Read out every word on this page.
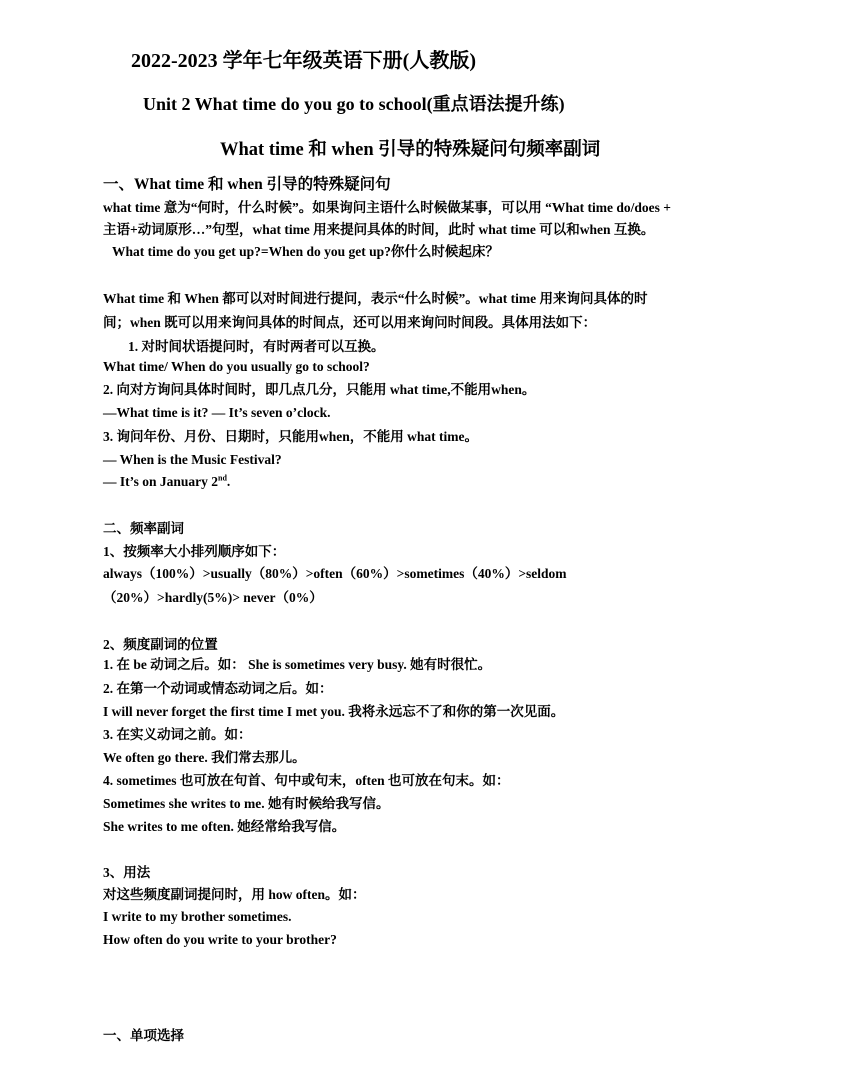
2022-2023 学年七年级英语下册(人教版)
Unit 2 What time do you go to school(重点语法提升练)
What time 和 when 引导的特殊疑问句频率副词
一、What time 和 when 引导的特殊疑问句
what time 意为“何时，什么时候”。如果询问主语什么时候做某事，可以用 “What time do/does +
主语+动词原形…”句型，what time 用来提问具体的时间，此时 what time 可以和when 互换。
What time do you get up?=When do you get up?你什么时候起床？
What time 和 When 都可以对时间进行提问，表示“什么时候”。what time 用来询问具体的时
间；when 既可以用来询问具体的时间点，还可以用来询问时间段。具体用法如下：
1. 对时间状语提问时，有时两者可以互换。
What time/ When do you usually go to school?
2. 向对方询问具体时间时，即几点几分，只能用 what time,不能用when。
—What time is it? — It’s seven o’clock.
3. 询问年份、月份、日期时，只能用when，不能用 what time。
— When is the Music Festival?
— It’s on January 2nd.
二、频率副词
1、按频率大小排列顺序如下：
always（100%）>usually（80%）>often（60%）>sometimes（40%）>seldom
（20%）>hardly(5%)> never（0%）
2、频度副词的位置
1. 在 be 动词之后。如： She is sometimes very busy. 她有时很忙。
2. 在第一个动词或情态动词之后。如：
I will never forget the first time I met you. 我将永远忘不了和你的第一次见面。
3. 在实义动词之前。如：
We often go there. 我们常去那儿。
4. sometimes 也可放在句首、句中或句末，often 也可放在句末。如：
Sometimes she writes to me. 她有时候给我写信。
She writes to me often. 她经常给我写信。
3、用法
对这些频度副词提问时，用 how often。如：
I write to my brother sometimes.
How often do you write to your brother?
一、单项选择
